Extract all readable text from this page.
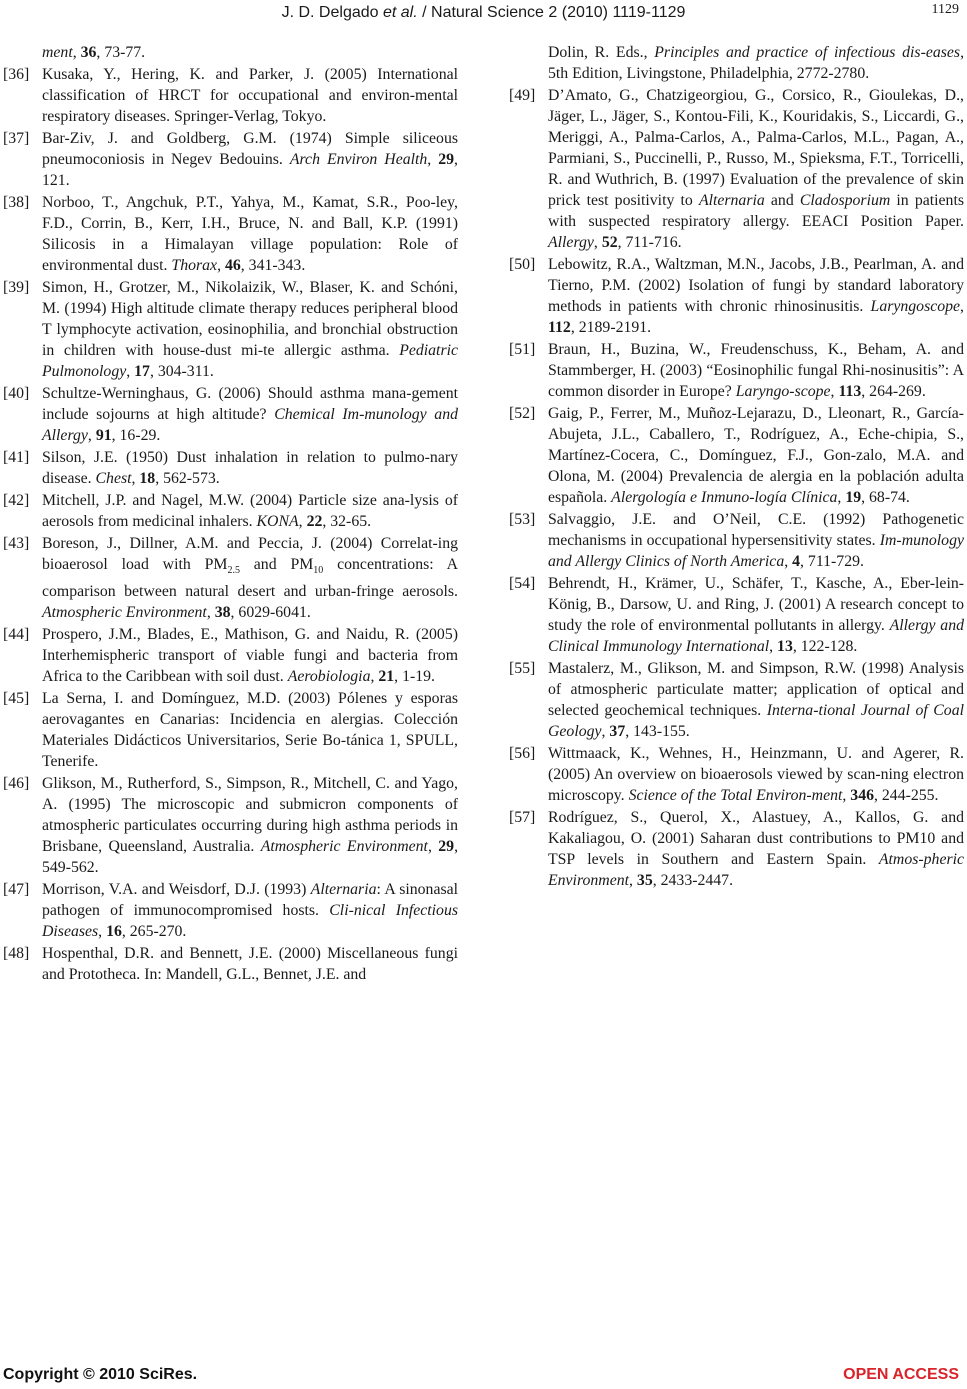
J. D. Delgado et al. / Natural Science 2 (2010) 1119-1129	1129
ment, 36, 73-77.
[36] Kusaka, Y., Hering, K. and Parker, J. (2005) International classification of HRCT for occupational and environ-mental respiratory diseases. Springer-Verlag, Tokyo.
[37] Bar-Ziv, J. and Goldberg, G.M. (1974) Simple siliceous pneumoconiosis in Negev Bedouins. Arch Environ Health, 29, 121.
[38] Norboo, T., Angchuk, P.T., Yahya, M., Kamat, S.R., Poo-ley, F.D., Corrin, B., Kerr, I.H., Bruce, N. and Ball, K.P. (1991) Silicosis in a Himalayan village population: Role of environmental dust. Thorax, 46, 341-343.
[39] Simon, H., Grotzer, M., Nikolaizik, W., Blaser, K. and Schóni, M. (1994) High altitude climate therapy reduces peripheral blood T lymphocyte activation, eosinophilia, and bronchial obstruction in children with house-dust mi-te allergic asthma. Pediatric Pulmonology, 17, 304-311.
[40] Schultze-Werninghaus, G. (2006) Should asthma mana-gement include sojourns at high altitude? Chemical Im-munology and Allergy, 91, 16-29.
[41] Silson, J.E. (1950) Dust inhalation in relation to pulmo-nary disease. Chest, 18, 562-573.
[42] Mitchell, J.P. and Nagel, M.W. (2004) Particle size ana-lysis of aerosols from medicinal inhalers. KONA, 22, 32-65.
[43] Boreson, J., Dillner, A.M. and Peccia, J. (2004) Correlat-ing bioaerosol load with $PM_{2.5}$ and $PM_{10}$ concentrations: A comparison between natural desert and urban-fringe aerosols. Atmospheric Environment, 38, 6029-6041.
[44] Prospero, J.M., Blades, E., Mathison, G. and Naidu, R. (2005) Interhemispheric transport of viable fungi and bacteria from Africa to the Caribbean with soil dust. Aerobiologia, 21, 1-19.
[45] La Serna, I. and Domínguez, M.D. (2003) Pólenes y esporas aerovagantes en Canarias: Incidencia en alergias. Colección Materiales Didácticos Universitarios, Serie Bo-tánica 1, SPULL, Tenerife.
[46] Glikson, M., Rutherford, S., Simpson, R., Mitchell, C. and Yago, A. (1995) The microscopic and submicron components of atmospheric particulates occurring during high asthma periods in Brisbane, Queensland, Australia. Atmospheric Environment, 29, 549-562.
[47] Morrison, V.A. and Weisdorf, D.J. (1993) Alternaria: A sinonasal pathogen of immunocompromised hosts. Cli-nical Infectious Diseases, 16, 265-270.
[48] Hospenthal, D.R. and Bennett, J.E. (2000) Miscellaneous fungi and Prototheca. In: Mandell, G.L., Bennet, J.E. and
Dolin, R. Eds., Principles and practice of infectious dis-eases, 5th Edition, Livingstone, Philadelphia, 2772-2780.
[49] D’Amato, G., Chatzigeorgiou, G., Corsico, R., Gioulekas, D., Jäger, L., Jäger, S., Kontou-Fili, K., Kouridakis, S., Liccardi, G., Meriggi, A., Palma-Carlos, A., Palma-Carlos, M.L., Pagan, A., Parmiani, S., Puccinelli, P., Russo, M., Spieksma, F.T., Torricelli, R. and Wuthrich, B. (1997) Evaluation of the prevalence of skin prick test positivity to Alternaria and Cladosporium in patients with suspected respiratory allergy. EEACI Position Paper. Allergy, 52, 711-716.
[50] Lebowitz, R.A., Waltzman, M.N., Jacobs, J.B., Pearlman, A. and Tierno, P.M. (2002) Isolation of fungi by standard laboratory methods in patients with chronic rhinosinusitis. Laryngoscope, 112, 2189-2191.
[51] Braun, H., Buzina, W., Freudenschuss, K., Beham, A. and Stammberger, H. (2003) “Eosinophilic fungal Rhi-nosinusitis”: A common disorder in Europe? Laryngo-scope, 113, 264-269.
[52] Gaig, P., Ferrer, M., Muñoz-Lejarazu, D., Lleonart, R., García-Abujeta, J.L., Caballero, T., Rodríguez, A., Eche-chipia, S., Martínez-Cocera, C., Domínguez, F.J., Gon-zalo, M.A. and Olona, M. (2004) Prevalencia de alergia en la población adulta española. Alergología e Inmuno-logía Clínica, 19, 68-74.
[53] Salvaggio, J.E. and O’Neil, C.E. (1992) Pathogenetic mechanisms in occupational hypersensitivity states. Im-munology and Allergy Clinics of North America, 4, 711-729.
[54] Behrendt, H., Krämer, U., Schäfer, T., Kasche, A., Eber-lein-König, B., Darsow, U. and Ring, J. (2001) A research concept to study the role of environmental pollutants in allergy. Allergy and Clinical Immunology International, 13, 122-128.
[55] Mastalerz, M., Glikson, M. and Simpson, R.W. (1998) Analysis of atmospheric particulate matter; application of optical and selected geochemical techniques. Interna-tional Journal of Coal Geology, 37, 143-155.
[56] Wittmaack, K., Wehnes, H., Heinzmann, U. and Agerer, R. (2005) An overview on bioaerosols viewed by scan-ning electron microscopy. Science of the Total Environ-ment, 346, 244-255.
[57] Rodríguez, S., Querol, X., Alastuey, A., Kallos, G. and Kakaliagou, O. (2001) Saharan dust contributions to PM10 and TSP levels in Southern and Eastern Spain. Atmos-pheric Environment, 35, 2433-2447.
Copyright © 2010 SciRes.	OPEN ACCESS
